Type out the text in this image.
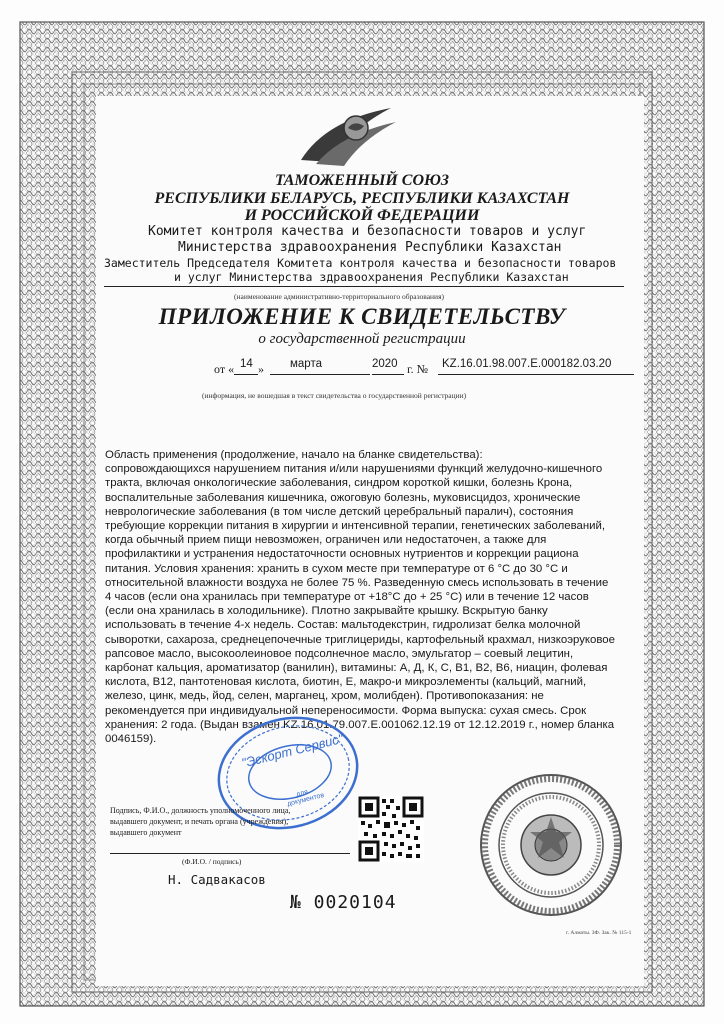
ТАМОЖЕННЫЙ СОЮЗ
РЕСПУБЛИКИ БЕЛАРУСЬ, РЕСПУБЛИКИ КАЗАХСТАН
И РОССИЙСКОЙ ФЕДЕРАЦИИ
Комитет контроля качества и безопасности товаров и услуг
Министерства здравоохранения Республики Казахстан
Заместитель Председателя Комитета контроля качества и безопасности товаров
и услуг Министерства здравоохранения Республики Казахстан
(наименование административно-территориального образования)
ПРИЛОЖЕНИЕ К СВИДЕТЕЛЬСТВУ
о государственной регистрации
от « 14 » марта	2020 г. № KZ.16.01.98.007.E.000182.03.20
(информация, не вошедшая в текст свидетельства о государственной регистрации)
Область применения (продолжение, начало на бланке свидетельства):
сопровождающихся нарушением питания и/или нарушениями функций желудочно-кишечного
тракта, включая онкологические заболевания, синдром короткой кишки, болезнь Крона,
воспалительные заболевания кишечника, ожоговую болезнь, муковисцидоз, хронические
неврологические заболевания (в том числе детский церебральный паралич), состояния
требующие коррекции питания в хирургии и интенсивной терапии, генетических заболеваний,
когда обычный прием пищи невозможен, ограничен или недостаточен, а также для
профилактики и устранения недостаточности основных нутриентов и коррекции рациона
питания. Условия хранения: хранить в сухом месте при температуре от 6 °С до 30 °С и
относительной влажности воздуха не более 75 %. Разведенную смесь использовать в течение
4 часов (если она хранилась при температуре от +18°С до + 25 °С) или в течение 12 часов
(если она хранилась в холодильнике). Плотно закрывайте крышку. Вскрытую банку
использовать в течение 4-х недель. Состав: мальтодекстрин, гидролизат белка молочной
сыворотки, сахароза, среднецепочечные триглицериды, картофельный крахмал, низкоэруковое
рапсовое масло, высокоолеиновое подсолнечное масло, эмульгатор – соевый лецитин,
карбонат кальция, ароматизатор (ванилин), витамины: А, Д, К, С, В1, В2, В6, ниацин, фолевая
кислота, В12, пантотеновая кислота, биотин, Е, макро-и микроэлементы (кальций, магний,
железо, цинк, медь, йод, селен, марганец, хром, молибден). Противопоказания: не
рекомендуется при индивидуальной непереносимости. Форма выпуска: сухая смесь. Срок
хранения: 2 года. (Выдан взамен KZ.16.01.79.007.E.001062.12.19 от 12.12.2019 г., номер бланка
0046159).	"Эскорт Сервис"
для документов
Подпись, Ф.И.О., должность уполномоченного лица,
выдавшего документ, и печать органа (учреждения),
выдавшего документ
(Ф.И.О. / подпись)
Н. Садвакасов
№ 0020104
г. Алматы. ЗФ. Зак. № 115-1
